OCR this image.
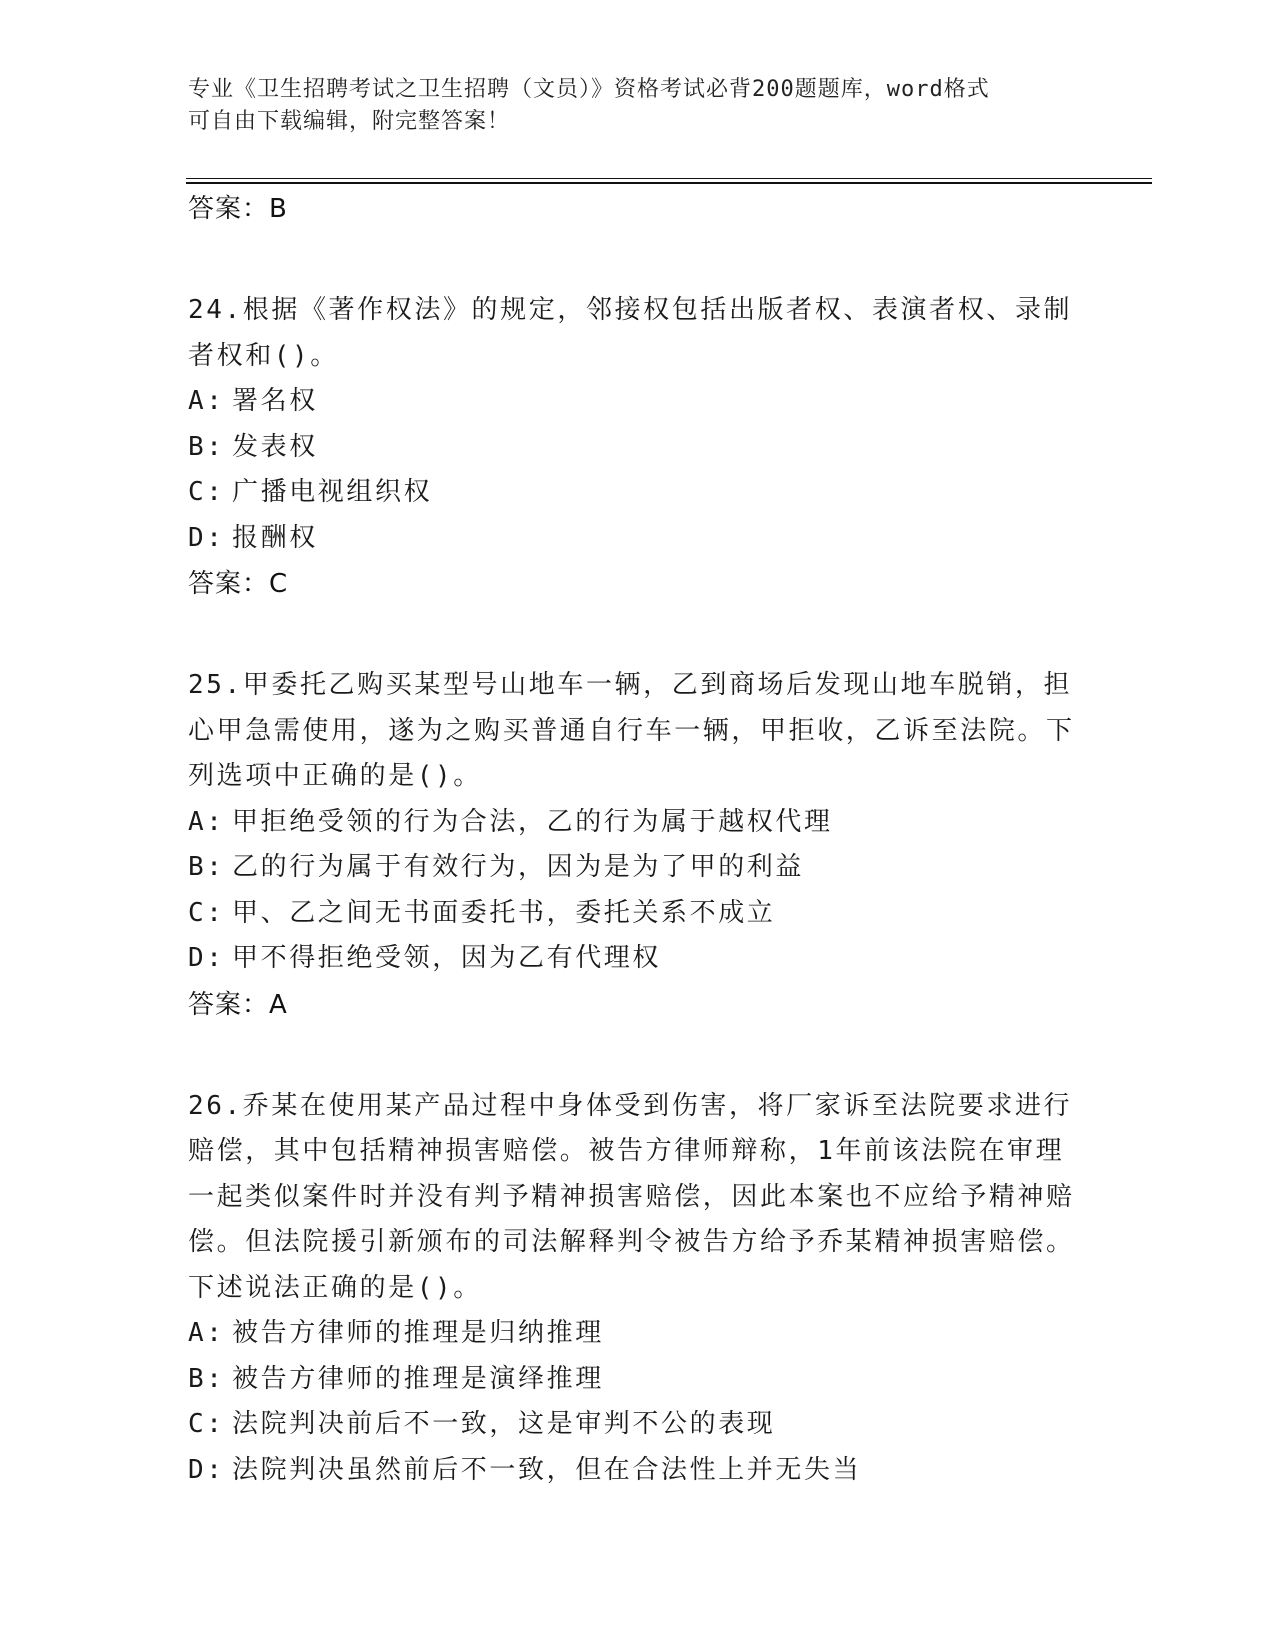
专业《卫生招聘考试之卫生招聘（文员）》资格考试必背200题题库，word格式
可自由下载编辑，附完整答案！

答案：B

24.根据《著作权法》的规定，邻接权包括出版者权、表演者权、录制者权和()。

A: 署名权
B: 发表权
C: 广播电视组织权
D: 报酬权

答案：C

25.甲委托乙购买某型号山地车一辆，乙到商场后发现山地车脱销，担心甲急需使用，遂为之购买普通自行车一辆，甲拒收，乙诉至法院。下列选项中正确的是()。

A: 甲拒绝受领的行为合法，乙的行为属于越权代理
B: 乙的行为属于有效行为，因为是为了甲的利益
C: 甲、乙之间无书面委托书，委托关系不成立
D: 甲不得拒绝受领，因为乙有代理权

答案：A

26.乔某在使用某产品过程中身体受到伤害，将厂家诉至法院要求进行赔偿，其中包括精神损害赔偿。被告方律师辩称，1年前该法院在审理一起类似案件时并没有判予精神损害赔偿，因此本案也不应给予精神赔偿。但法院援引新颁布的司法解释判令被告方给予乔某精神损害赔偿。下述说法正确的是()。

A: 被告方律师的推理是归纳推理
B: 被告方律师的推理是演绎推理
C: 法院判决前后不一致，这是审判不公的表现
D: 法院判决虽然前后不一致，但在合法性上并无失当
